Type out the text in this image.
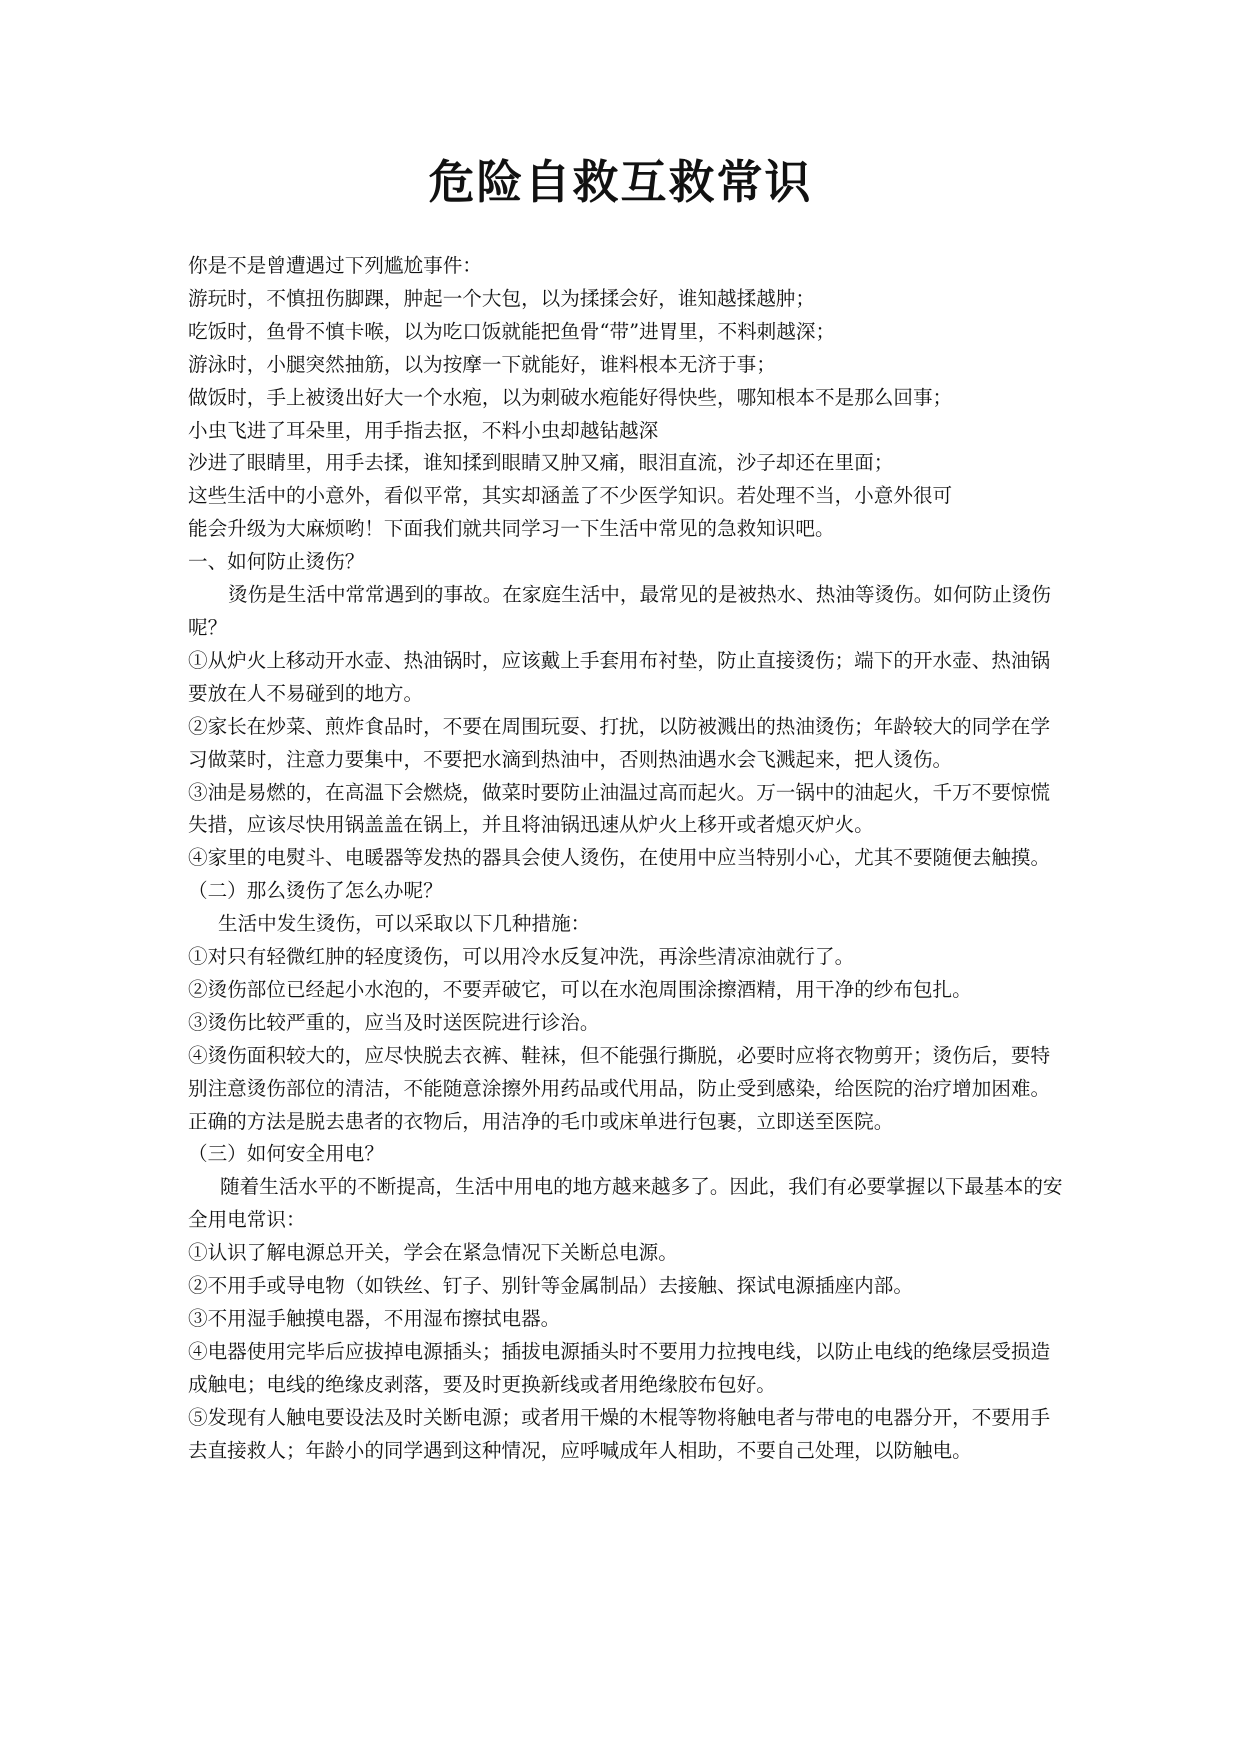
危险自救互救常识

你是不是曾遭遇过下列尴尬事件：

游玩时，不慎扭伤脚踝，肿起一个大包，以为揉揉会好，谁知越揉越肿；

吃饭时，鱼骨不慎卡喉，以为吃口饭就能把鱼骨“带”进胃里，不料刺越深；

游泳时，小腿突然抽筋，以为按摩一下就能好，谁料根本无济于事；

做饭时，手上被烫出好大一个水疱，以为刺破水疱能好得快些，哪知根本不是那么回事；

小虫飞进了耳朵里，用手指去抠，不料小虫却越钻越深

沙进了眼睛里，用手去揉，谁知揉到眼睛又肿又痛，眼泪直流，沙子却还在里面；

这些生活中的小意外，看似平常，其实却涵盖了不少医学知识。若处理不当，小意外很可

能会升级为大麻烦哟！下面我们就共同学习一下生活中常见的急救知识吧。

一、如何防止烫伤？

烫伤是生活中常常遇到的事故。在家庭生活中，最常见的是被热水、热油等烫伤。如何防止烫伤呢？

①从炉火上移动开水壶、热油锅时，应该戴上手套用布衬垫，防止直接烫伤；端下的开水壶、热油锅要放在人不易碰到的地方。

②家长在炒菜、煎炸食品时，不要在周围玩耍、打扰，以防被溅出的热油烫伤；年龄较大的同学在学习做菜时，注意力要集中，不要把水滴到热油中，否则热油遇水会飞溅起来，把人烫伤。

③油是易燃的，在高温下会燃烧，做菜时要防止油温过高而起火。万一锅中的油起火，千万不要惊慌失措，应该尽快用锅盖盖在锅上，并且将油锅迅速从炉火上移开或者熄灭炉火。

④家里的电熨斗、电暖器等发热的器具会使人烫伤，在使用中应当特别小心，尤其不要随便去触摸。

（二）那么烫伤了怎么办呢？

生活中发生烫伤，可以采取以下几种措施：

①对只有轻微红肿的轻度烫伤，可以用冷水反复冲洗，再涂些清凉油就行了。

②烫伤部位已经起小水泡的，不要弄破它，可以在水泡周围涂擦酒精，用干净的纱布包扎。

③烫伤比较严重的，应当及时送医院进行诊治。

④烫伤面积较大的，应尽快脱去衣裤、鞋袜，但不能强行撕脱，必要时应将衣物剪开；烫伤后，要特别注意烫伤部位的清洁，不能随意涂擦外用药品或代用品，防止受到感染，给医院的治疗增加困难。正确的方法是脱去患者的衣物后，用洁净的毛巾或床单进行包裹，立即送至医院。

（三）如何安全用电？

随着生活水平的不断提高，生活中用电的地方越来越多了。因此，我们有必要掌握以下最基本的安全用电常识：

①认识了解电源总开关，学会在紧急情况下关断总电源。

②不用手或导电物（如铁丝、钉子、别针等金属制品）去接触、探试电源插座内部。

③不用湿手触摸电器，不用湿布擦拭电器。

④电器使用完毕后应拔掉电源插头；插拔电源插头时不要用力拉拽电线，以防止电线的绝缘层受损造成触电；电线的绝缘皮剥落，要及时更换新线或者用绝缘胶布包好。

⑤发现有人触电要设法及时关断电源；或者用干燥的木棍等物将触电者与带电的电器分开，不要用手去直接救人；年龄小的同学遇到这种情况，应呼喊成年人相助，不要自己处理，以防触电。
